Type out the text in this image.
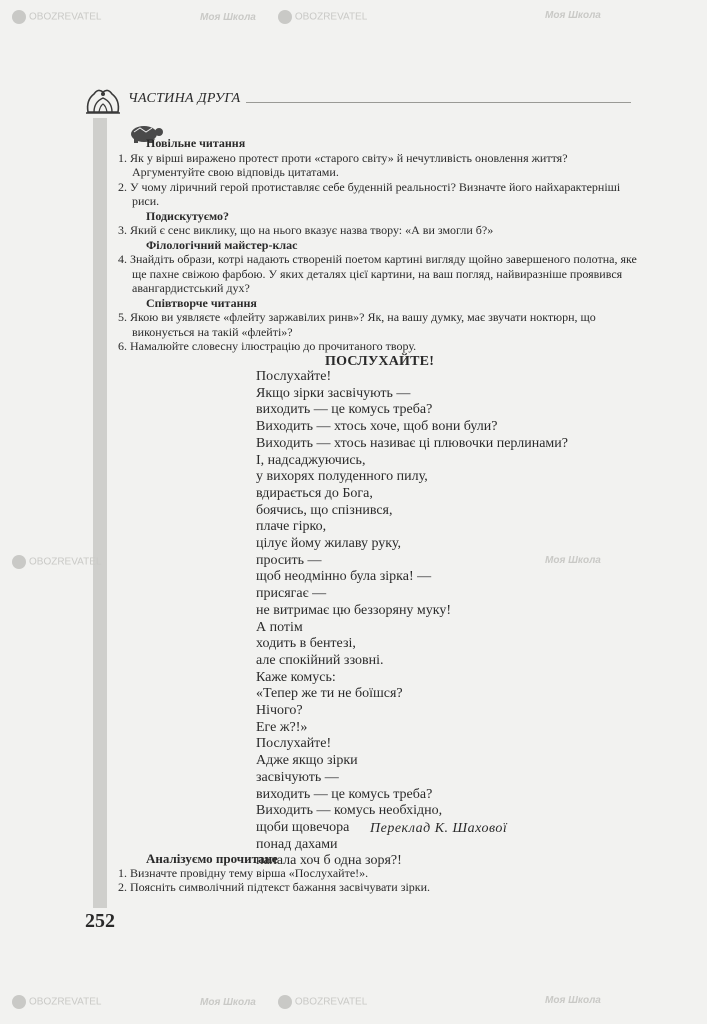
ЧАСТИНА ДРУГА
Повільне читання
1. Як у вірші виражено протест проти «старого світу» й нечутливість оновлення життя? Аргументуйте свою відповідь цитатами.
2. У чому ліричний герой протиставляє себе буденній реальності? Визначте його найхарактерніші риси.
Подискутуємо?
3. Який є сенс виклику, що на нього вказує назва твору: «А ви змогли б?»
Філологічний майстер-клас
4. Знайдіть образи, котрі надають створеній поетом картині вигляду щойно завершеного полотна, яке ще пахне свіжою фарбою. У яких деталях цієї картини, на ваш погляд, найвиразніше проявився авангардистський дух?
Співтворче читання
5. Якою ви уявляєте «флейту заржавілих ринв»? Як, на вашу думку, має звучати ноктюрн, що виконується на такій «флейті»?
6. Намалюйте словесну ілюстрацію до прочитаного твору.
ПОСЛУХАЙТЕ!
Послухайте!
Якщо зірки засвічують —
виходить — це комусь треба?
Виходить — хтось хоче, щоб вони були?
Виходить — хтось називає ці плювочки перлинами?
І, надсаджуючись,
у вихорях полуденного пилу,
вдирається до Бога,
боячись, що спізнився,
плаче гірко,
цілує йому жилаву руку,
просить —
щоб неодмінно була зірка! —
присягає —
не витримає цю беззоряну муку!
А потім
ходить в бентезі,
але спокійний ззовні.
Каже комусь:
«Тепер же ти не боїшся?
Нічого?
Еге ж?!»
Послухайте!
Адже якщо зірки
засвічують —
виходить — це комусь треба?
Виходить — комусь необхідно,
щоби щовечора
понад дахами
палала хоч б одна зоря?!
Переклад К. Шахової
Аналізуємо прочитане
1. Визначте провідну тему вірша «Послухайте!».
2. Поясніть символічний підтекст бажання засвічувати зірки.
252
OBOZREVATEL	Моя Школа	OBOZREVATEL	Моя Школа
OBOZREVATEL	Моя Школа
OBOZREVATEL	Моя Школа	OBOZREVATEL	Моя Школа
